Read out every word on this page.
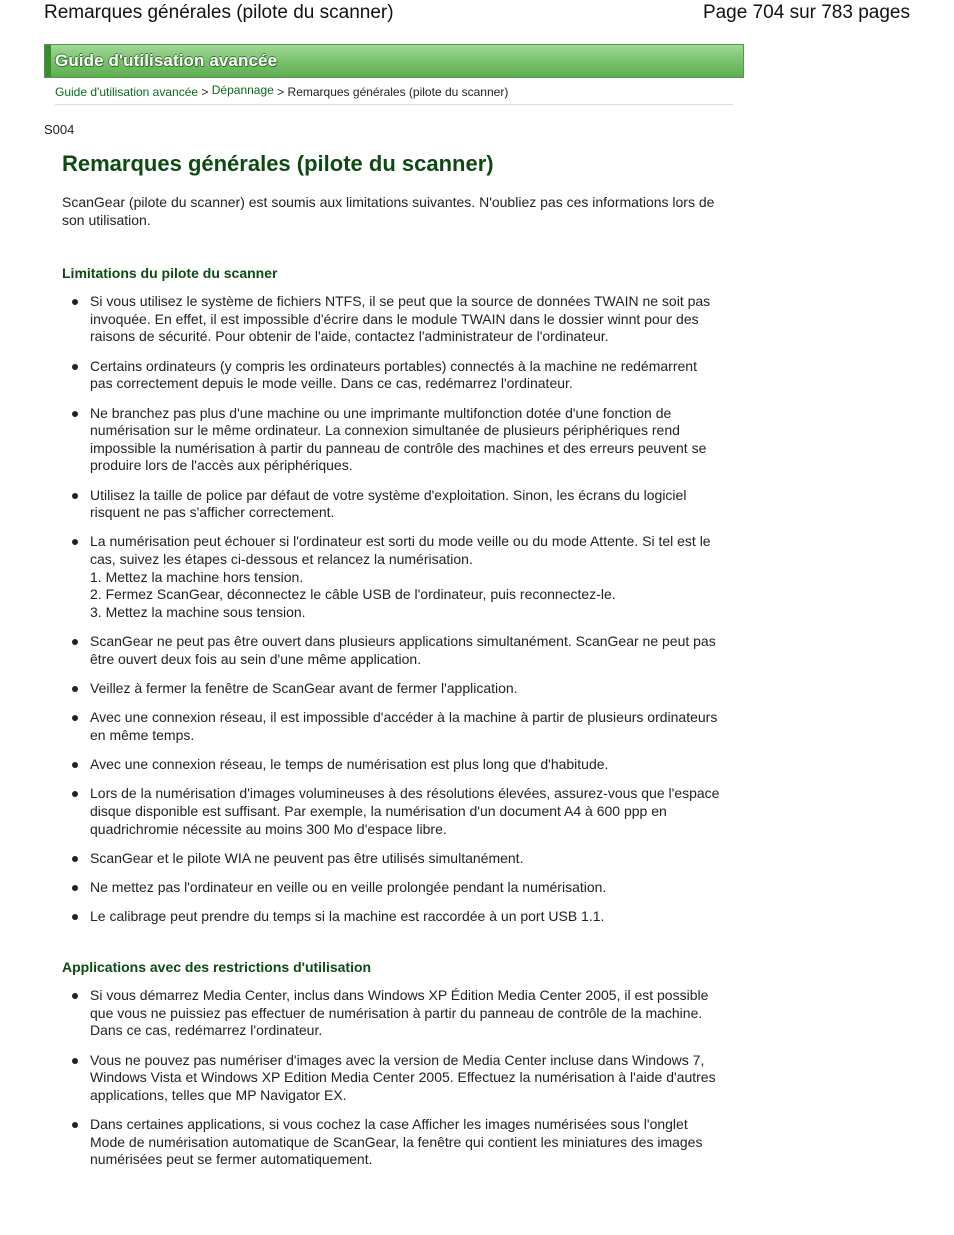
Remarques générales (pilote du scanner)	Page 704 sur 783 pages
Guide d'utilisation avancée
Guide d'utilisation avancée > Dépannage > Remarques générales (pilote du scanner)
S004
Remarques générales (pilote du scanner)

ScanGear (pilote du scanner) est soumis aux limitations suivantes. N'oubliez pas ces informations lors de son utilisation.

Limitations du pilote du scanner
Si vous utilisez le système de fichiers NTFS, il se peut que la source de données TWAIN ne soit pas invoquée. En effet, il est impossible d'écrire dans le module TWAIN dans le dossier winnt pour des raisons de sécurité. Pour obtenir de l'aide, contactez l'administrateur de l'ordinateur.
Certains ordinateurs (y compris les ordinateurs portables) connectés à la machine ne redémarrent pas correctement depuis le mode veille. Dans ce cas, redémarrez l'ordinateur.
Ne branchez pas plus d'une machine ou une imprimante multifonction dotée d'une fonction de numérisation sur le même ordinateur. La connexion simultanée de plusieurs périphériques rend impossible la numérisation à partir du panneau de contrôle des machines et des erreurs peuvent se produire lors de l'accès aux périphériques.
Utilisez la taille de police par défaut de votre système d'exploitation. Sinon, les écrans du logiciel risquent ne pas s'afficher correctement.
La numérisation peut échouer si l'ordinateur est sorti du mode veille ou du mode Attente. Si tel est le cas, suivez les étapes ci-dessous et relancez la numérisation.
1. Mettez la machine hors tension.
2. Fermez ScanGear, déconnectez le câble USB de l'ordinateur, puis reconnectez-le.
3. Mettez la machine sous tension.
ScanGear ne peut pas être ouvert dans plusieurs applications simultanément. ScanGear ne peut pas être ouvert deux fois au sein d'une même application.
Veillez à fermer la fenêtre de ScanGear avant de fermer l'application.
Avec une connexion réseau, il est impossible d'accéder à la machine à partir de plusieurs ordinateurs en même temps.
Avec une connexion réseau, le temps de numérisation est plus long que d'habitude.
Lors de la numérisation d'images volumineuses à des résolutions élevées, assurez-vous que l'espace disque disponible est suffisant. Par exemple, la numérisation d'un document A4 à 600 ppp en quadrichromie nécessite au moins 300 Mo d'espace libre.
ScanGear et le pilote WIA ne peuvent pas être utilisés simultanément.
Ne mettez pas l'ordinateur en veille ou en veille prolongée pendant la numérisation.
Le calibrage peut prendre du temps si la machine est raccordée à un port USB 1.1.
Applications avec des restrictions d'utilisation
Si vous démarrez Media Center, inclus dans Windows XP Édition Media Center 2005, il est possible que vous ne puissiez pas effectuer de numérisation à partir du panneau de contrôle de la machine. Dans ce cas, redémarrez l'ordinateur.
Vous ne pouvez pas numériser d'images avec la version de Media Center incluse dans Windows 7, Windows Vista et Windows XP Edition Media Center 2005. Effectuez la numérisation à l'aide d'autres applications, telles que MP Navigator EX.
Dans certaines applications, si vous cochez la case Afficher les images numérisées sous l'onglet Mode de numérisation automatique de ScanGear, la fenêtre qui contient les miniatures des images numérisées peut se fermer automatiquement.
